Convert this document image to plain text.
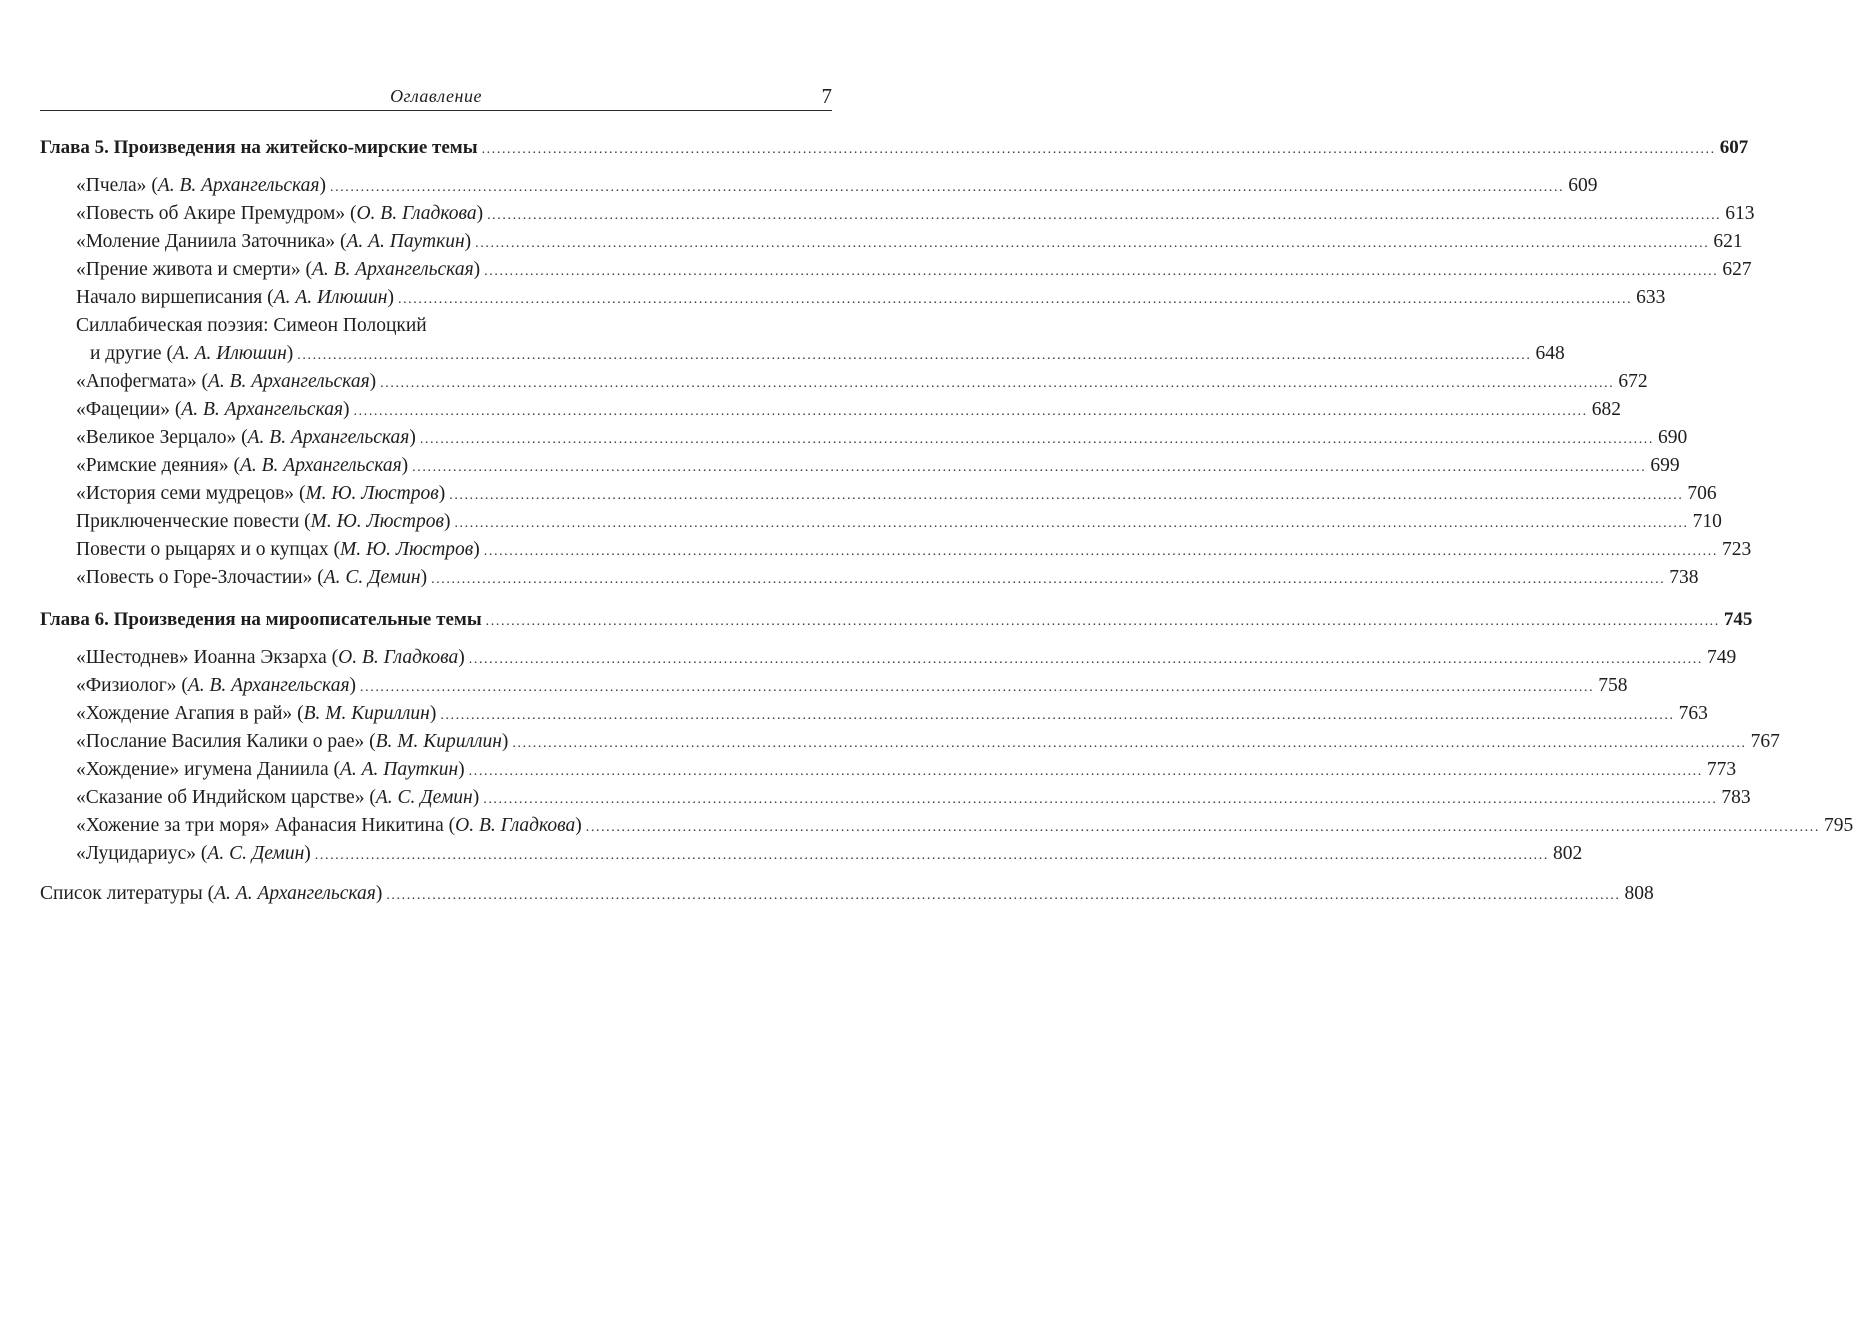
Оглавление	7
Глава 5. Произведения на житейско-мирские темы .....	607
«Пчела» (А. В. Архангельская) .....	609
«Повесть об Акире Премудром» (О. В. Гладкова) .....	613
«Моление Даниила Заточника» (А. А. Пауткин) .....	621
«Прение живота и смерти» (А. В. Архангельская) .....	627
Начало виршеписания (А. А. Илюшин) .....	633
Силлабическая поэзия: Симеон Полоцкий
и другие (А. А. Илюшин) .....	648
«Апофегмата» (А. В. Архангельская) .....	672
«Фацеции» (А. В. Архангельская) .....	682
«Великое Зерцало» (А. В. Архангельская) .....	690
«Римские деяния» (А. В. Архангельская) .....	699
«История семи мудрецов» (М. Ю. Люстров) .....	706
Приключенческие повести (М. Ю. Люстров) .....	710
Повести о рыцарях и о купцах (М. Ю. Люстров) .....	723
«Повесть о Горе-Злочастии» (А. С. Демин) .....	738
Глава 6. Произведения на мироописательные темы .....	745
«Шестоднев» Иоанна Экзарха (О. В. Гладкова) .....	749
«Физиолог» (А. В. Архангельская) .....	758
«Хождение Агапия в рай» (В. М. Кириллин) .....	763
«Послание Василия Калики о рае» (В. М. Кириллин) .....	767
«Хождение» игумена Даниила (А. А. Пауткин) .....	773
«Сказание об Индийском царстве» (А. С. Демин) .....	783
«Хожение за три моря» Афанасия Никитина (О. В. Гладкова) .....	795
«Луцидариус» (А. С. Демин) .....	802
Список литературы (А. А. Архангельская) .....	808
